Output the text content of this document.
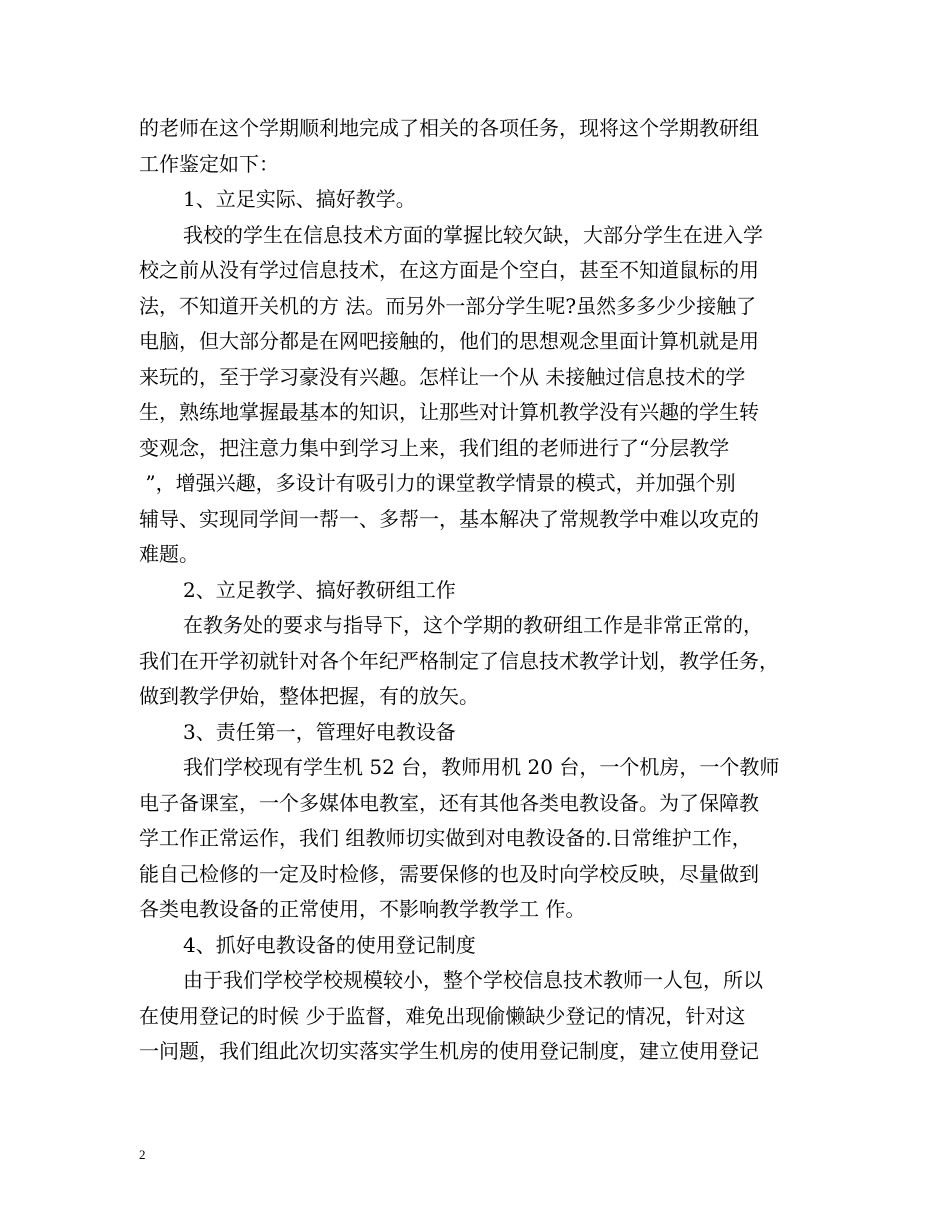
的老师在这个学期顺利地完成了相关的各项任务，现将这个学期教研组
工作鉴定如下：
1、立足实际、搞好教学。
我校的学生在信息技术方面的掌握比较欠缺，大部分学生在进入学
校之前从没有学过信息技术，在这方面是个空白，甚至不知道鼠标的用
法，不知道开关机的方 法。而另外一部分学生呢?虽然多多少少接触了
电脑，但大部分都是在网吧接触的，他们的思想观念里面计算机就是用
来玩的，至于学习豪没有兴趣。怎样让一个从 未接触过信息技术的学
生，熟练地掌握最基本的知识，让那些对计算机教学没有兴趣的学生转
变观念，把注意力集中到学习上来，我们组的老师进行了“分层教学
”，增强兴趣，多设计有吸引力的课堂教学情景的模式，并加强个别
辅导、实现同学间一帮一、多帮一，基本解决了常规教学中难以攻克的
难题。
2、立足教学、搞好教研组工作
在教务处的要求与指导下，这个学期的教研组工作是非常正常的，
我们在开学初就针对各个年纪严格制定了信息技术教学计划，教学任务，
做到教学伊始，整体把握，有的放矢。
3、责任第一，管理好电教设备
我们学校现有学生机 52 台，教师用机 20 台，一个机房，一个教师
电子备课室，一个多媒体电教室，还有其他各类电教设备。为了保障教
学工作正常运作，我们 组教师切实做到对电教设备的.日常维护工作，
能自己检修的一定及时检修，需要保修的也及时向学校反映，尽量做到
各类电教设备的正常使用，不影响教学教学工 作。
4、抓好电教设备的使用登记制度
由于我们学校学校规模较小，整个学校信息技术教师一人包，所以
在使用登记的时候 少于监督，难免出现偷懒缺少登记的情况，针对这
一问题，我们组此次切实落实学生机房的使用登记制度，建立使用登记
2
